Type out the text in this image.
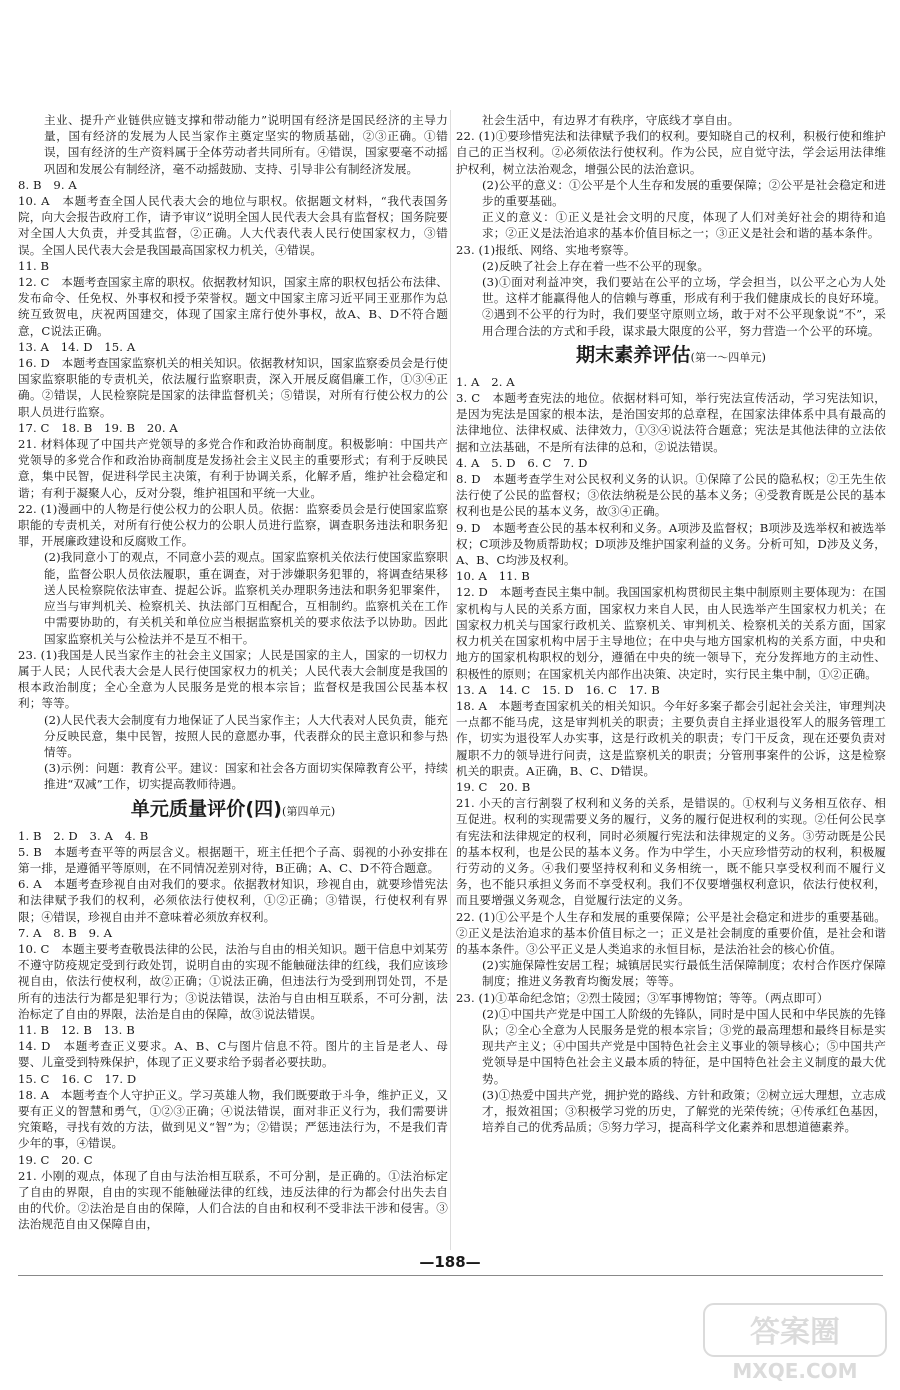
主业、提升产业链供应链支撑和带动能力”说明国有经济是国民经济的主导力量，国有经济的发展为人民当家作主奠定坚实的物质基础，②③正确。①错误，国有经济的生产资料属于全体劳动者共同所有。④错误，国家要毫不动摇巩固和发展公有制经济，毫不动摇鼓励、支持、引导非公有制经济发展。

8. B　9. A

10. A　本题考查全国人民代表大会的地位与职权。依据题文材料，“我代表国务院，向大会报告政府工作，请予审议”说明全国人民代表大会具有监督权；国务院要对全国人大负责，并受其监督，②正确。人大代表代表人民行使国家权力，③错误。全国人民代表大会是我国最高国家权力机关，④错误。

11. B

12. C　本题考查国家主席的职权。依据教材知识，国家主席的职权包括公布法律、发布命令、任免权、外事权和授予荣誉权。题文中国家主席习近平同王亚那作为总统互致贺电，庆祝两国建交，体现了国家主席行使外事权，故A、B、D不符合题意，C说法正确。

13. A　14. D　15. A

16. D　本题考查国家监察机关的相关知识。依据教材知识，国家监察委员会是行使国家监察职能的专责机关，依法履行监察职责，深入开展反腐倡廉工作，①③④正确。②错误，人民检察院是国家的法律监督机关；⑤错误，对所有行使公权力的公职人员进行监察。

17. C　18. B　19. B　20. A

21. 材料体现了中国共产党领导的多党合作和政治协商制度。积极影响：中国共产党领导的多党合作和政治协商制度是发扬社会主义民主的重要形式；有利于反映民意，集中民智，促进科学民主决策，有利于协调关系，化解矛盾，维护社会稳定和谐；有利于凝聚人心，反对分裂，维护祖国和平统一大业。

22. (1)漫画中的人物是行使公权力的公职人员。依据：监察委员会是行使国家监察职能的专责机关，对所有行使公权力的公职人员进行监察，调查职务违法和职务犯罪，开展廉政建设和反腐败工作。

(2)我同意小丁的观点，不同意小芸的观点。国家监察机关依法行使国家监察职能，监督公职人员依法履职，重在调查，对于涉嫌职务犯罪的，将调查结果移送人民检察院依法审查、提起公诉。监察机关办理职务违法和职务犯罪案件，应当与审判机关、检察机关、执法部门互相配合，互相制约。监察机关在工作中需要协助的，有关机关和单位应当根据监察机关的要求依法予以协助。因此国家监察机关与公检法并不是互不相干。

23. (1)我国是人民当家作主的社会主义国家；人民是国家的主人，国家的一切权力属于人民；人民代表大会是人民行使国家权力的机关；人民代表大会制度是我国的根本政治制度；全心全意为人民服务是党的根本宗旨；监督权是我国公民基本权利；等等。

(2)人民代表大会制度有力地保证了人民当家作主；人大代表对人民负责，能充分反映民意，集中民智，按照人民的意愿办事，代表群众的民主意识和参与热情等。

(3)示例：问题：教育公平。建议：国家和社会各方面切实保障教育公平，持续推进“双减”工作，切实提高教师待遇。

单元质量评价(四)(第四单元)

1. B　2. D　3. A　4. B

5. B　本题考查平等的两层含义。根据题干，班主任把个子高、弱视的小孙安排在第一排，是遵循平等原则，在不同情况差别对待，B正确；A、C、D不符合题意。

6. A　本题考查珍视自由对我们的要求。依据教材知识，珍视自由，就要珍惜宪法和法律赋予我们的权利，必须依法行使权利，①②正确；③错误，行使权利有界限；④错误，珍视自由并不意味着必须放弃权利。

7. A　8. B　9. A

10. C　本题主要考查敬畏法律的公民，法治与自由的相关知识。题干信息中刘某劳不遵守防疫规定受到行政处罚，说明自由的实现不能触碰法律的红线，我们应该珍视自由，依法行使权利，故②正确；①说法正确，但违法行为受到刑罚处罚，不是所有的违法行为都是犯罪行为；③说法错误，法治与自由相互联系，不可分割，法治标定了自由的界限，法治是自由的保障，故③说法错误。

11. B　12. B　13. B

14. D　本题考查正义要求。A、B、C与图片信息不符。图片的主旨是老人、母婴、儿童受到特殊保护，体现了正义要求给予弱者必要扶助。

15. C　16. C　17. D

18. A　本题考查个人守护正义。学习英雄人物，我们既要敢于斗争，维护正义，又要有正义的智慧和勇气，①②③正确；④说法错误，面对非正义行为，我们需要讲究策略，寻找有效的方法，做到见义“智”为；②错误；严惩违法行为，不是我们青少年的事，④错误。

19. C　20. C

21. 小刚的观点，体现了自由与法治相互联系，不可分割，是正确的。①法治标定了自由的界限，自由的实现不能触碰法律的红线，违反法律的行为都会付出失去自由的代价。②法治是自由的保障，人们合法的自由和权利不受非法干涉和侵害。③法治规范自由又保障自由，

社会生活中，有边界才有秩序，守底线才享自由。

22. (1)①要珍惜宪法和法律赋予我们的权利。要知晓自己的权利，积极行使和维护自己的正当权利。②必须依法行使权利。作为公民，应自觉守法，学会运用法律维护权利，树立法治观念，增强公民的法治意识。

(2)公平的意义：①公平是个人生存和发展的重要保障；②公平是社会稳定和进步的重要基础。

正义的意义：①正义是社会文明的尺度，体现了人们对美好社会的期待和追求；②正义是法治追求的基本价值目标之一；③正义是社会和谐的基本条件。

23. (1)报纸、网络、实地考察等。

(2)反映了社会上存在着一些不公平的现象。

(3)①面对利益冲突，我们要站在公平的立场，学会担当，以公平之心为人处世。这样才能赢得他人的信赖与尊重，形成有利于我们健康成长的良好环境。②遇到不公平的行为时，我们要坚守原则立场，敢于对不公平现象说“不”，采用合理合法的方式和手段，谋求最大限度的公平，努力营造一个公平的环境。

期末素养评估(第一～四单元)

1. A　2. A

3. C　本题考查宪法的地位。依据材料可知，举行宪法宣传活动，学习宪法知识，是因为宪法是国家的根本法，是治国安邦的总章程，在国家法律体系中具有最高的法律地位、法律权威、法律效力，①③④说法符合题意；宪法是其他法律的立法依据和立法基础，不是所有法律的总和，②说法错误。

4. A　5. D　6. C　7. D

8. D　本题考查学生对公民权利义务的认识。①保障了公民的隐私权；②王先生依法行使了公民的监督权；③依法纳税是公民的基本义务；④受教育既是公民的基本权利也是公民的基本义务，故③④正确。

9. D　本题考查公民的基本权利和义务。A项涉及监督权；B项涉及选举权和被选举权；C项涉及物质帮助权；D项涉及维护国家利益的义务。分析可知，D涉及义务，A、B、C均涉及权利。

10. A　11. B

12. D　本题考查民主集中制。我国国家机构贯彻民主集中制原则主要体现为：在国家机构与人民的关系方面，国家权力来自人民，由人民选举产生国家权力机关；在国家权力机关与国家行政机关、监察机关、审判机关、检察机关的关系方面，国家权力机关在国家机构中居于主导地位；在中央与地方国家机构的关系方面，中央和地方的国家机构职权的划分，遵循在中央的统一领导下，充分发挥地方的主动性、积极性的原则；在国家机关内部作出决策、决定时，实行民主集中制，①②正确。

13. A　14. C　15. D　16. C　17. B

18. A　本题考查国家机关的相关知识。今年好多案子都会引起社会关注，审理判决一点都不能马虎，这是审判机关的职责；主要负责自主择业退役军人的服务管理工作，切实为退役军人办实事，这是行政机关的职责；专门干反贪，现在还要负责对履职不力的领导进行问责，这是监察机关的职责；分管刑事案件的公诉，这是检察机关的职责。A正确，B、C、D错误。

19. C　20. B

21. 小天的言行割裂了权利和义务的关系，是错误的。①权利与义务相互依存、相互促进。权利的实现需要义务的履行，义务的履行促进权利的实现。②任何公民享有宪法和法律规定的权利，同时必须履行宪法和法律规定的义务。③劳动既是公民的基本权利，也是公民的基本义务。作为中学生，小天应珍惜劳动的权利，积极履行劳动的义务。④我们要坚持权利和义务相统一，既不能只享受权利而不履行义务，也不能只承担义务而不享受权利。我们不仅要增强权利意识，依法行使权利，而且要增强义务观念，自觉履行法定的义务。

22. (1)①公平是个人生存和发展的重要保障；公平是社会稳定和进步的重要基础。②正义是法治追求的基本价值目标之一；正义是社会制度的重要价值，是社会和谐的基本条件。③公平正义是人类追求的永恒目标，是法治社会的核心价值。

(2)实施保障性安居工程；城镇居民实行最低生活保障制度；农村合作医疗保障制度；推进义务教育均衡发展；等等。

23. (1)①革命纪念馆；②烈士陵园；③军事博物馆；等等。（两点即可）

(2)①中国共产党是中国工人阶级的先锋队，同时是中国人民和中华民族的先锋队；②全心全意为人民服务是党的根本宗旨；③党的最高理想和最终目标是实现共产主义；④中国共产党是中国特色社会主义事业的领导核心；⑤中国共产党领导是中国特色社会主义最本质的特征，是中国特色社会主义制度的最大优势。

(3)①热爱中国共产党，拥护党的路线、方针和政策；②树立远大理想，立志成才，报效祖国；③积极学习党的历史，了解党的光荣传统；④传承红色基因，培养自己的优秀品质；⑤努力学习，提高科学文化素养和思想道德素养。

—188—
答案圈
MXQE.COM
